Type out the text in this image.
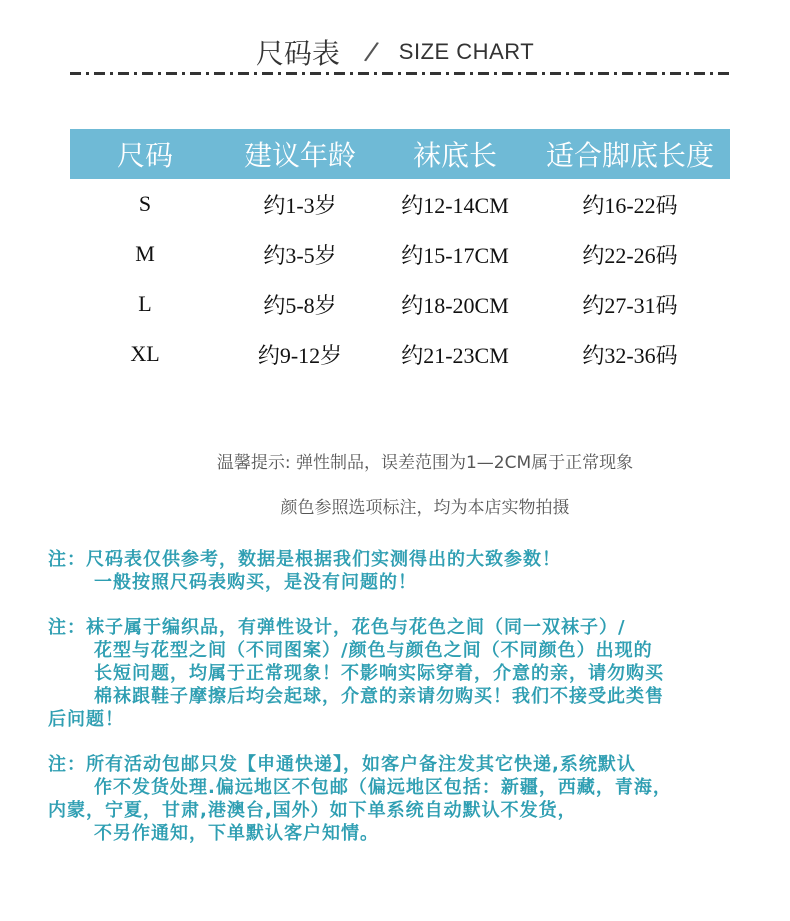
尺码表 / SIZE CHART
尺码	建议年龄	袜底长	适合脚底长度
S	约1-3岁	约12-14CM	约16-22码
M	约3-5岁	约15-17CM	约22-26码
L	约5-8岁	约18-20CM	约27-31码
XL	约9-12岁	约21-23CM	约32-36码
温馨提示: 弹性制品，误差范围为1—2CM属于正常现象
颜色参照选项标注，均为本店实物拍摄
注：尺码表仅供参考，数据是根据我们实测得出的大致参数！
一般按照尺码表购买，是没有问题的！
注：袜子属于编织品，有弹性设计，花色与花色之间（同一双袜子）/
花型与花型之间（不同图案）/颜色与颜色之间（不同颜色）出现的
长短问题，均属于正常现象！不影响实际穿着，介意的亲，请勿购买
棉袜跟鞋子摩擦后均会起球，介意的亲请勿购买！我们不接受此类售
后问题！
注：所有活动包邮只发【申通快递】，如客户备注发其它快递,系统默认
作不发货处理.偏远地区不包邮（偏远地区包括：新疆，西藏，青海，
内蒙，宁夏，甘肃,港澳台,国外）如下单系统自动默认不发货，
不另作通知，下单默认客户知情。
